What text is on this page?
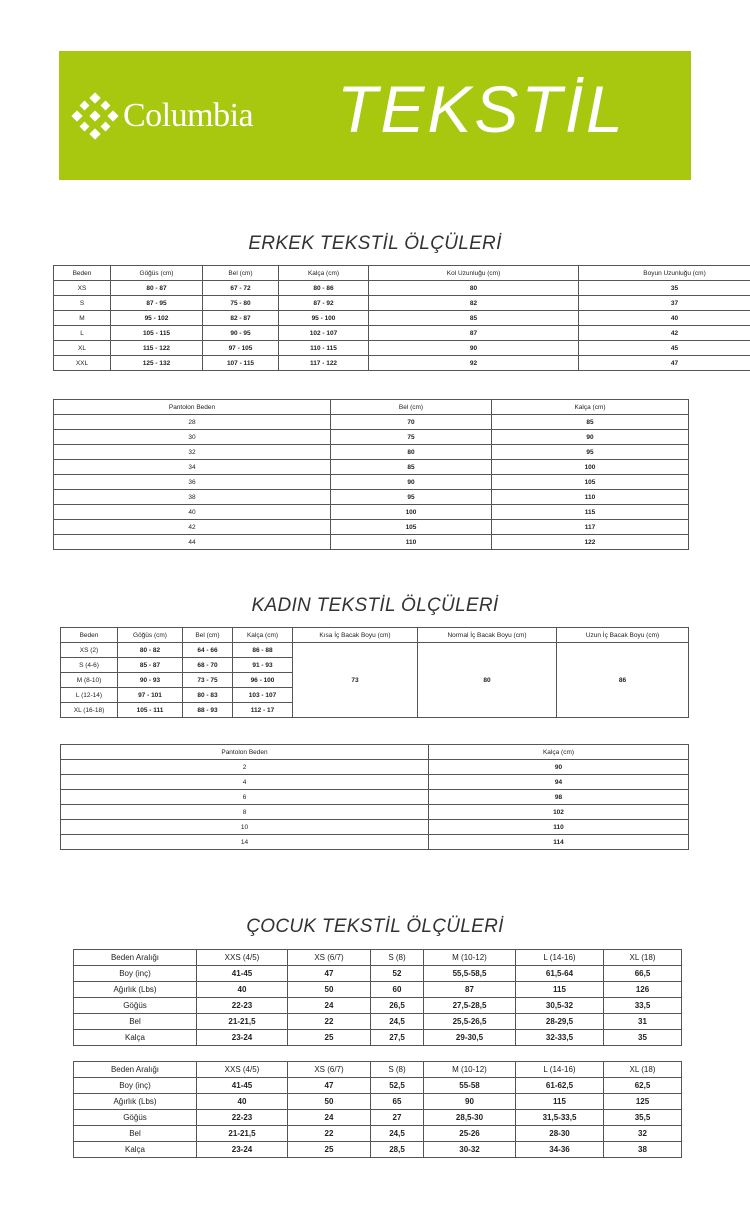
Columbia TEKSTİL
ERKEK TEKSTİL ÖLÇÜLERİ
Beden	Göğüs (cm)	Bel (cm)	Kalça (cm)	Kol Uzunluğu (cm)	Boyun Uzunluğu (cm)
XS	80 - 87	67 - 72	80 - 86	80	35
S	87 - 95	75 - 80	87 - 92	82	37
M	95 - 102	82 - 87	95 - 100	85	40
L	105 - 115	90 - 95	102 - 107	87	42
XL	115 - 122	97 - 105	110 - 115	90	45
XXL	125 - 132	107 - 115	117 - 122	92	47
Pantolon Beden	Bel (cm)	Kalça (cm)
28	70	85
30	75	90
32	80	95
34	85	100
36	90	105
38	95	110
40	100	115
42	105	117
44	110	122
KADIN TEKSTİL ÖLÇÜLERİ
Beden	Göğüs (cm)	Bel (cm)	Kalça (cm)	Kısa İç Bacak Boyu (cm)	Normal İç Bacak Boyu (cm)	Uzun İç Bacak Boyu (cm)
XS (2)	80 - 82	64 - 66	86 - 88	73	80	86
S (4-6)	85 - 87	68 - 70	91 - 93			
M (8-10)	90 - 93	73 - 75	96 - 100			
L (12-14)	97 - 101	80 - 83	103 - 107			
XL (16-18)	105 - 111	88 - 93	112 - 17			
Pantolon Beden	Kalça (cm)
2	90
4	94
6	98
8	102
10	110
14	114
ÇOCUK TEKSTİL ÖLÇÜLERİ
Beden Aralığı	XXS (4/5)	XS (6/7)	S (8)	M (10-12)	L (14-16)	XL (18)
Boy (inç)	41-45	47	52	55,5-58,5	61,5-64	66,5
Ağırlık (Lbs)	40	50	60	87	115	126
Göğüs	22-23	24	26,5	27,5-28,5	30,5-32	33,5
Bel	21-21,5	22	24,5	25,5-26,5	28-29,5	31
Kalça	23-24	25	27,5	29-30,5	32-33,5	35
Beden Aralığı	XXS (4/5)	XS (6/7)	S (8)	M (10-12)	L (14-16)	XL (18)
Boy (inç)	41-45	47	52,5	55-58	61-62,5	62,5
Ağırlık (Lbs)	40	50	65	90	115	125
Göğüs	22-23	24	27	28,5-30	31,5-33,5	35,5
Bel	21-21,5	22	24,5	25-26	28-30	32
Kalça	23-24	25	28,5	30-32	34-36	38
